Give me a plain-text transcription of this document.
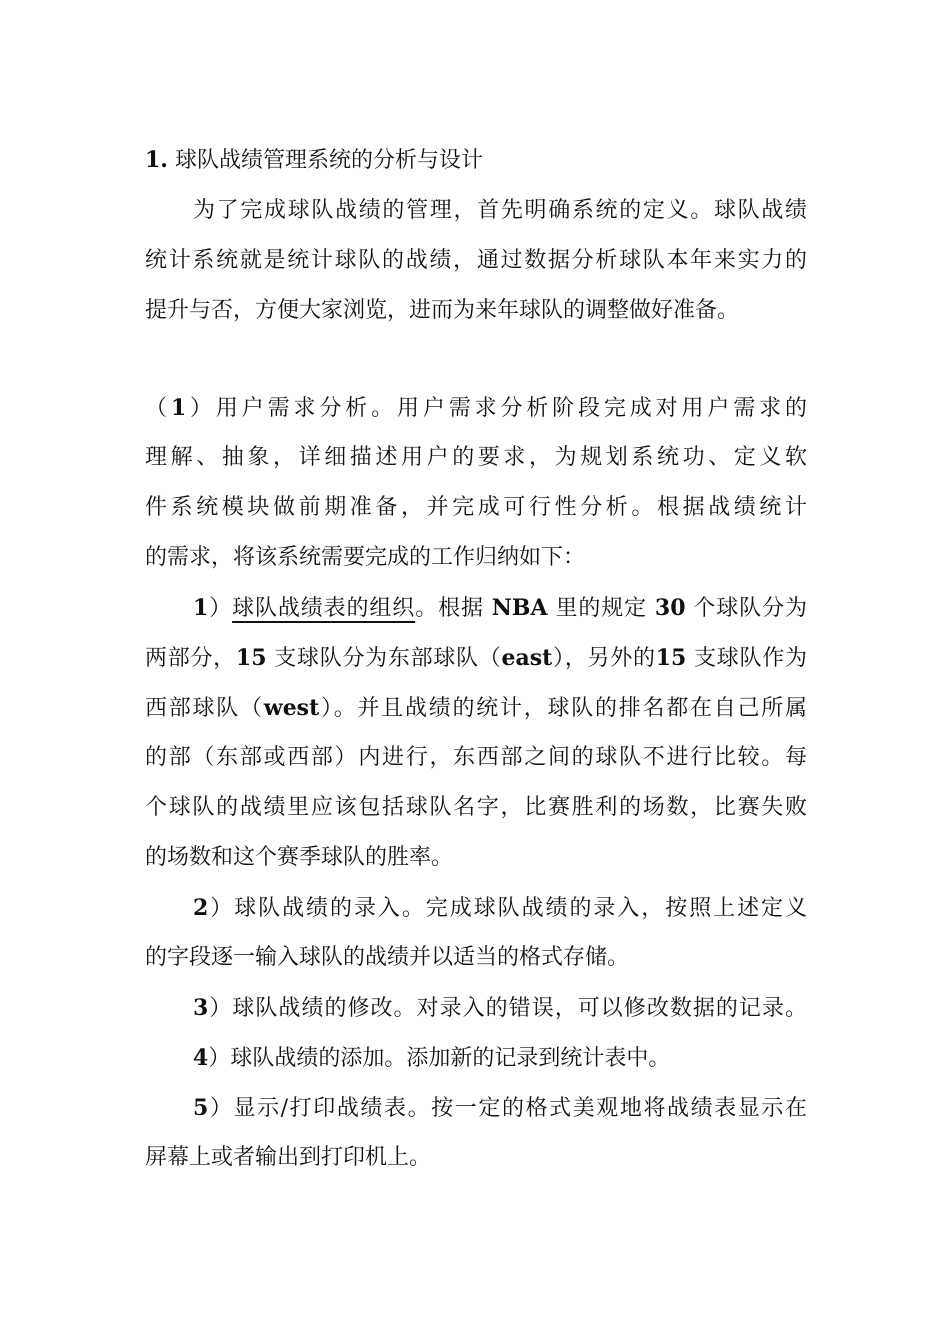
1. 球队战绩管理系统的分析与设计
为了完成球队战绩的管理，首先明确系统的定义。球队战绩
统计系统就是统计球队的战绩，通过数据分析球队本年来实力的
提升与否，方便大家浏览，进而为来年球队的调整做好准备。
（1）用户需求分析。用户需求分析阶段完成对用户需求的
理解、抽象，详细描述用户的要求，为规划系统功、定义软
件系统模块做前期准备，并完成可行性分析。根据战绩统计
的需求，将该系统需要完成的工作归纳如下：
1）球队战绩表的组织。根据 NBA 里的规定 30 个球队分为
两部分，15 支球队分为东部球队（east），另外的15 支球队作为
西部球队（west）。并且战绩的统计，球队的排名都在自己所属
的部（东部或西部）内进行，东西部之间的球队不进行比较。每
个球队的战绩里应该包括球队名字，比赛胜利的场数，比赛失败
的场数和这个赛季球队的胜率。
2）球队战绩的录入。完成球队战绩的录入，按照上述定义
的字段逐一输入球队的战绩并以适当的格式存储。
3）球队战绩的修改。对录入的错误，可以修改数据的记录。
4）球队战绩的添加。添加新的记录到统计表中。
5）显示/打印战绩表。按一定的格式美观地将战绩表显示在
屏幕上或者输出到打印机上。
